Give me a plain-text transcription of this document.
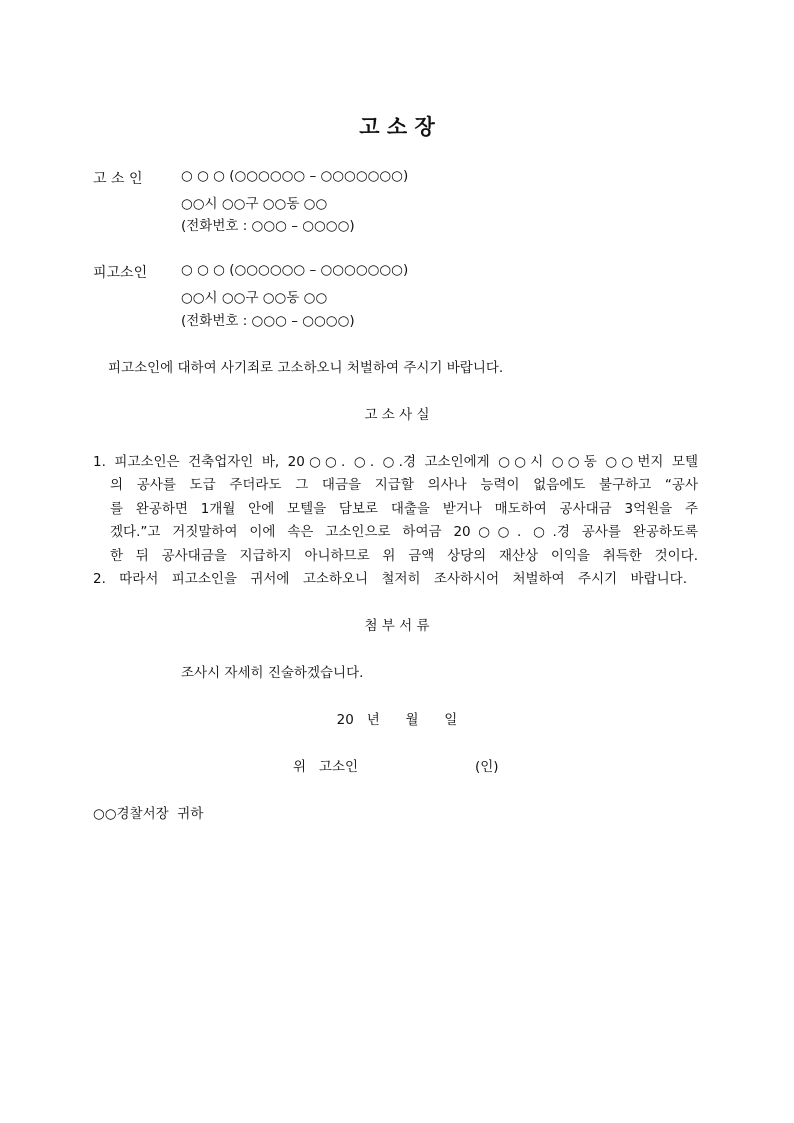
고 소 장
고 소 인	○ ○ ○ (○○○○○○ – ○○○○○○○)
○○시 ○○구 ○○동 ○○
(전화번호 : ○○○ – ○○○○)
피고소인	○ ○ ○ (○○○○○○ – ○○○○○○○)
○○시 ○○구 ○○동 ○○
(전화번호 : ○○○ – ○○○○)
피고소인에 대하여 사기죄로 고소하오니 처벌하여 주시기 바랍니다.
고 소 사 실
1. 피고소인은 건축업자인 바, 20○○. ○. ○.경 고소인에게 ○○시 ○○동 ○○번지 모텔
의 공사를 도급 주더라도 그 대금을 지급할 의사나 능력이 없음에도 불구하고 “공사
를 완공하면 1개월 안에 모텔을 담보로 대출을 받거나 매도하여 공사대금 3억원을 주
겠다.”고 거짓말하여 이에 속은 고소인으로 하여금 20○○. ○.경 공사를 완공하도록
한 뒤 공사대금을 지급하지 아니하므로 위 금액 상당의 재산상 이익을 취득한 것이다.
2. 따라서 피고소인을 귀서에 고소하오니 철저히 조사하시어 처벌하여 주시기 바랍니다.
첨 부 서 류
조사시 자세히 진술하겠습니다.
20   년      월      일
위   고소인	(인)
○○경찰서장  귀하
